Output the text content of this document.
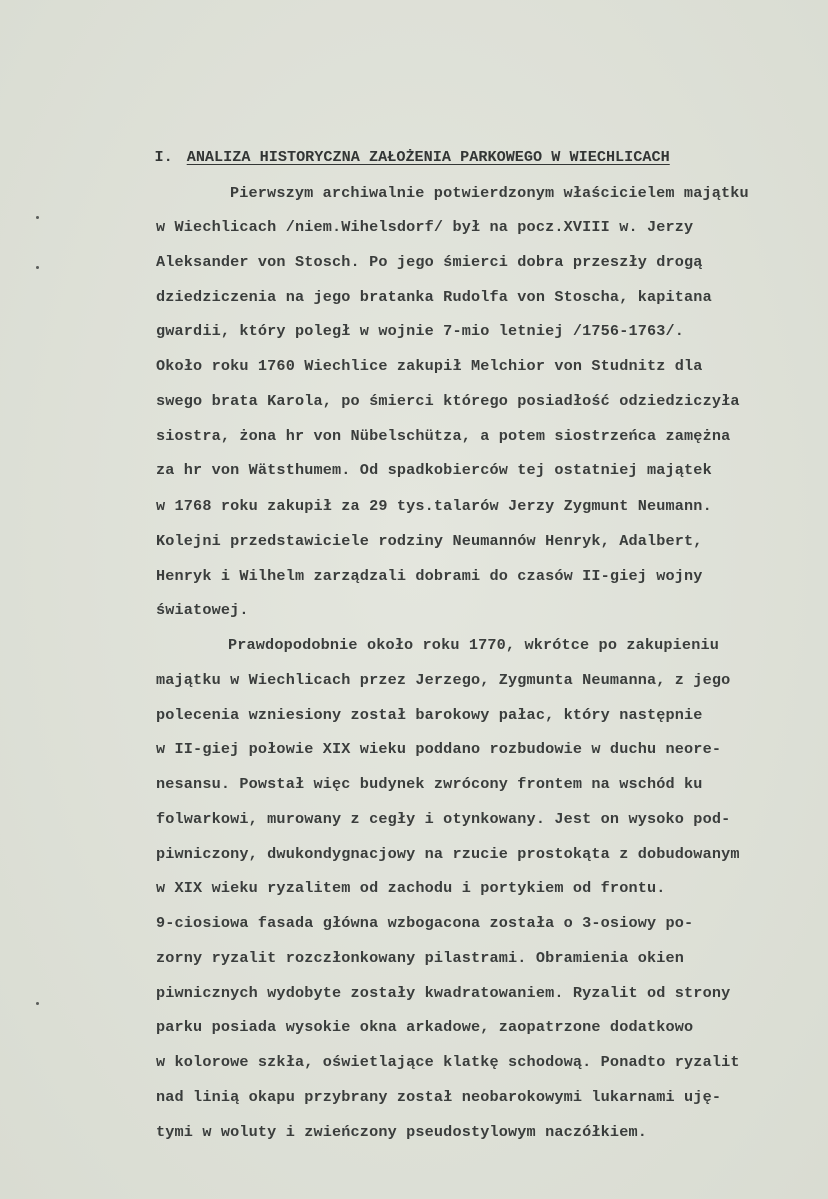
I. ANALIZA HISTORYCZNA ZAŁOŻENIA PARKOWEGO W WIECHLICACH

Pierwszym archiwalnie potwierdzonym właścicielem majątku
w Wiechlicach /niem.Wihelsdorf/ był na pocz.XVIII w. Jerzy
Aleksander von Stosch. Po jego śmierci dobra przeszły drogą
dziedziczenia na jego bratanka Rudolfa von Stoscha, kapitana
gwardii, który poległ w wojnie 7-mio letniej /1756-1763/.
Około roku 1760 Wiechlice zakupił Melchior von Studnitz dla
swego brata Karola, po śmierci którego posiadłość odziedziczyła
siostra, żona hr von Nübelschütza, a potem siostrzeńca zamężna
za hr von Wätsthumem. Od spadkobierców tej ostatniej majątek
w 1768 roku zakupił za 29 tys.talarów Jerzy Zygmunt Neumann.
Kolejni przedstawiciele rodziny Neumannów Henryk, Adalbert,
Henryk i Wilhelm zarządzali dobrami do czasów II-giej wojny
światowej.
Prawdopodobnie około roku 1770, wkrótce po zakupieniu
majątku w Wiechlicach przez Jerzego, Zygmunta Neumanna, z jego
polecenia wzniesiony został barokowy pałac, który następnie
w II-giej połowie XIX wieku poddano rozbudowie w duchu neore-
nesansu. Powstał więc budynek zwrócony frontem na wschód ku
folwarkowi, murowany z cegły i otynkowany. Jest on wysoko pod-
piwniczony, dwukondygnacjowy na rzucie prostokąta z dobudowanym
w XIX wieku ryzalitem od zachodu i portykiem od frontu.
9-ciosiowa fasada główna wzbogacona została o 3-osiowy po-
zorny ryzalit rozczłonkowany pilastrami. Obramienia okien
piwnicznych wydobyte zostały kwadratowaniem. Ryzalit od strony
parku posiada wysokie okna arkadowe, zaopatrzone dodatkowo
w kolorowe szkła, oświetlające klatkę schodową. Ponadto ryzalit
nad linią okapu przybrany został neobarokowymi lukarnami uję-
tymi w woluty i zwieńczony pseudostylowym naczółkiem.
